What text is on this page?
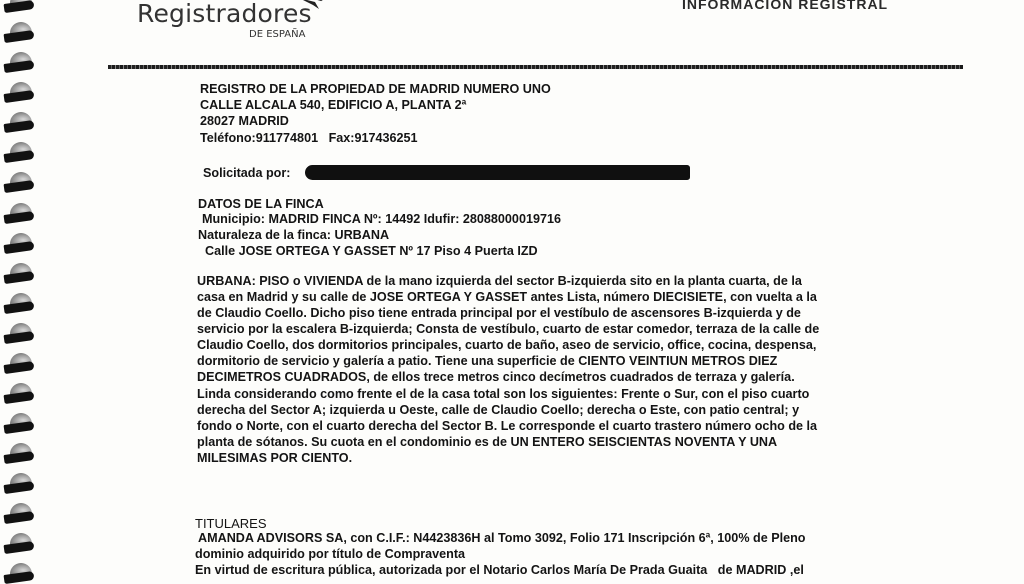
Registradores
DE ESPAÑA
INFORMACION REGISTRAL
REGISTRO DE LA PROPIEDAD DE MADRID NUMERO UNO
CALLE ALCALA 540, EDIFICIO A, PLANTA 2ª
28027 MADRID
Teléfono:911774801   Fax:917436251
Solicitada por:
DATOS DE LA FINCA
Municipio: MADRID FINCA Nº: 14492 Idufir: 28088000019716
Naturaleza de la finca: URBANA
Calle JOSE ORTEGA Y GASSET Nº 17 Piso 4 Puerta IZD
URBANA: PISO o VIVIENDA de la mano izquierda del sector B-izquierda sito en la planta cuarta, de la
casa en Madrid y su calle de JOSE ORTEGA Y GASSET antes Lista, número DIECISIETE, con vuelta a la
de Claudio Coello. Dicho piso tiene entrada principal por el vestíbulo de ascensores B-izquierda y de
servicio por la escalera B-izquierda; Consta de vestíbulo, cuarto de estar comedor, terraza de la calle de
Claudio Coello, dos dormitorios principales, cuarto de baño, aseo de servicio, office, cocina, despensa,
dormitorio de servicio y galería a patio. Tiene una superficie de CIENTO VEINTIUN METROS DIEZ
DECIMETROS CUADRADOS, de ellos trece metros cinco decímetros cuadrados de terraza y galería.
Linda considerando como frente el de la casa total son los siguientes: Frente o Sur, con el piso cuarto
derecha del Sector A; izquierda u Oeste, calle de Claudio Coello; derecha o Este, con patio central; y
fondo o Norte, con el cuarto derecha del Sector B. Le corresponde el cuarto trastero número ocho de la
planta de sótanos. Su cuota en el condominio es de UN ENTERO SEISCIENTAS NOVENTA Y UNA
MILESIMAS POR CIENTO.
TITULARES
AMANDA ADVISORS SA, con C.I.F.: N4423836H al Tomo 3092, Folio 171 Inscripción 6ª, 100% de Pleno
dominio adquirido por título de Compraventa
En virtud de escritura pública, autorizada por el Notario Carlos María De Prada Guaita   de MADRID ,el
